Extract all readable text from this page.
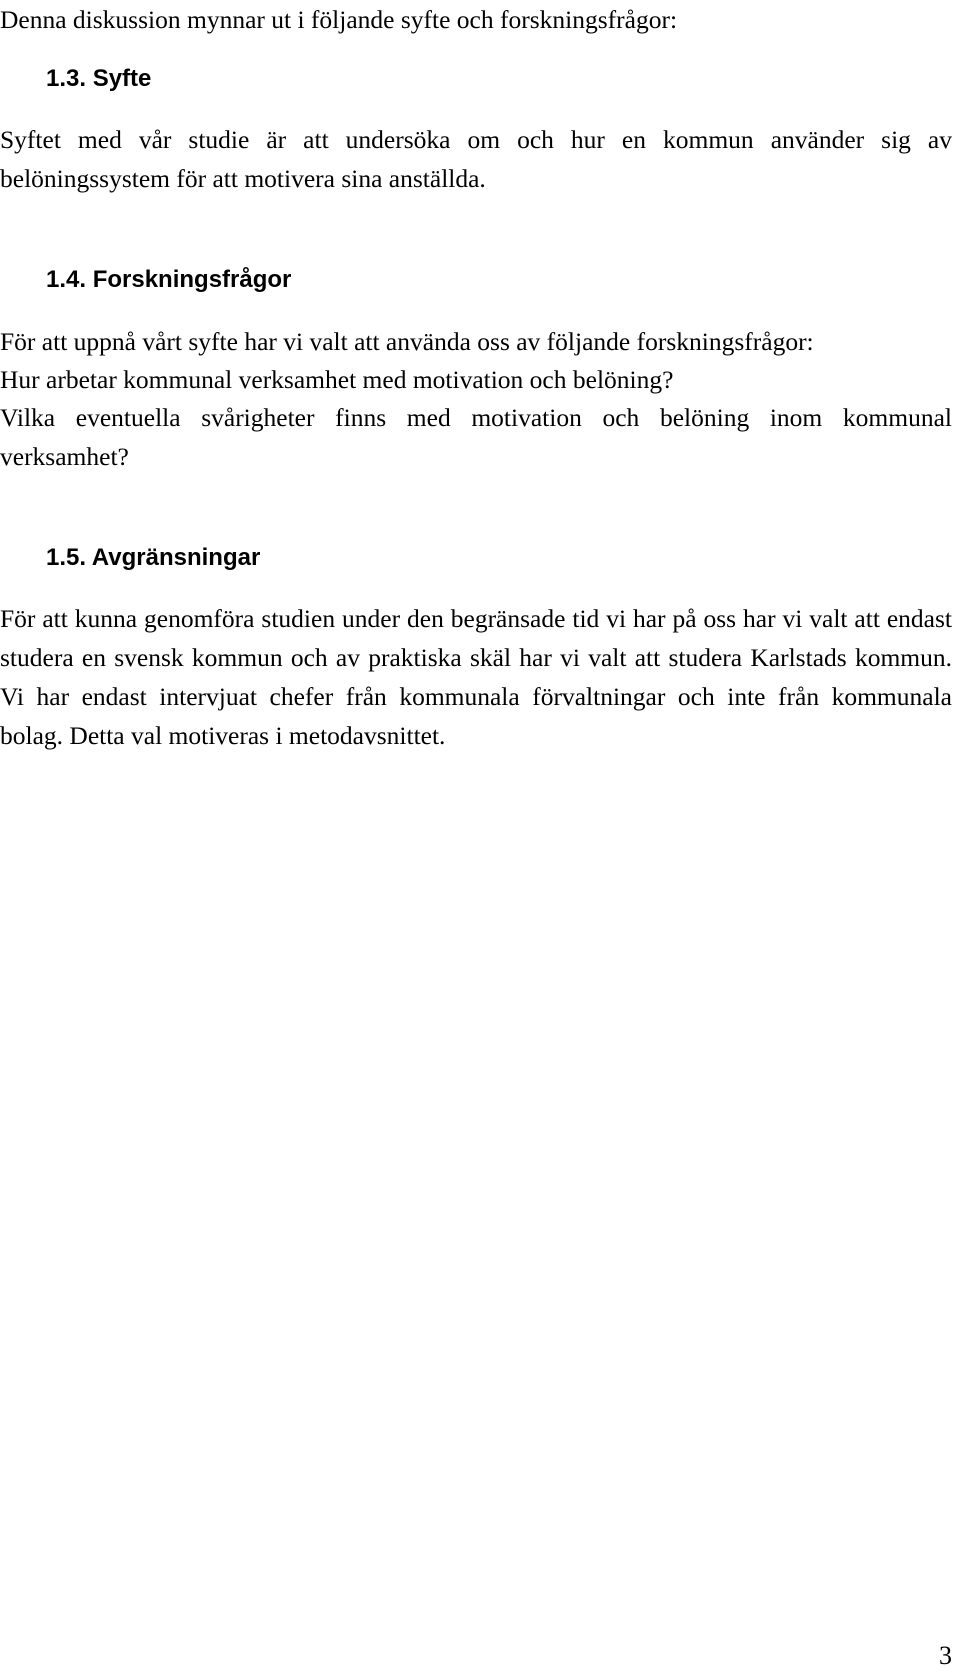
Denna diskussion mynnar ut i följande syfte och forskningsfrågor:

1.3. Syfte

Syftet med vår studie är att undersöka om och hur en kommun använder sig av belöningssystem för att motivera sina anställda.

1.4. Forskningsfrågor

För att uppnå vårt syfte har vi valt att använda oss av följande forskningsfrågor:

Hur arbetar kommunal verksamhet med motivation och belöning?

Vilka eventuella svårigheter finns med motivation och belöning inom kommunal verksamhet?

1.5. Avgränsningar

För att kunna genomföra studien under den begränsade tid vi har på oss har vi valt att endast studera en svensk kommun och av praktiska skäl har vi valt att studera Karlstads kommun. Vi har endast intervjuat chefer från kommunala förvaltningar och inte från kommunala bolag. Detta val motiveras i metodavsnittet.

3
